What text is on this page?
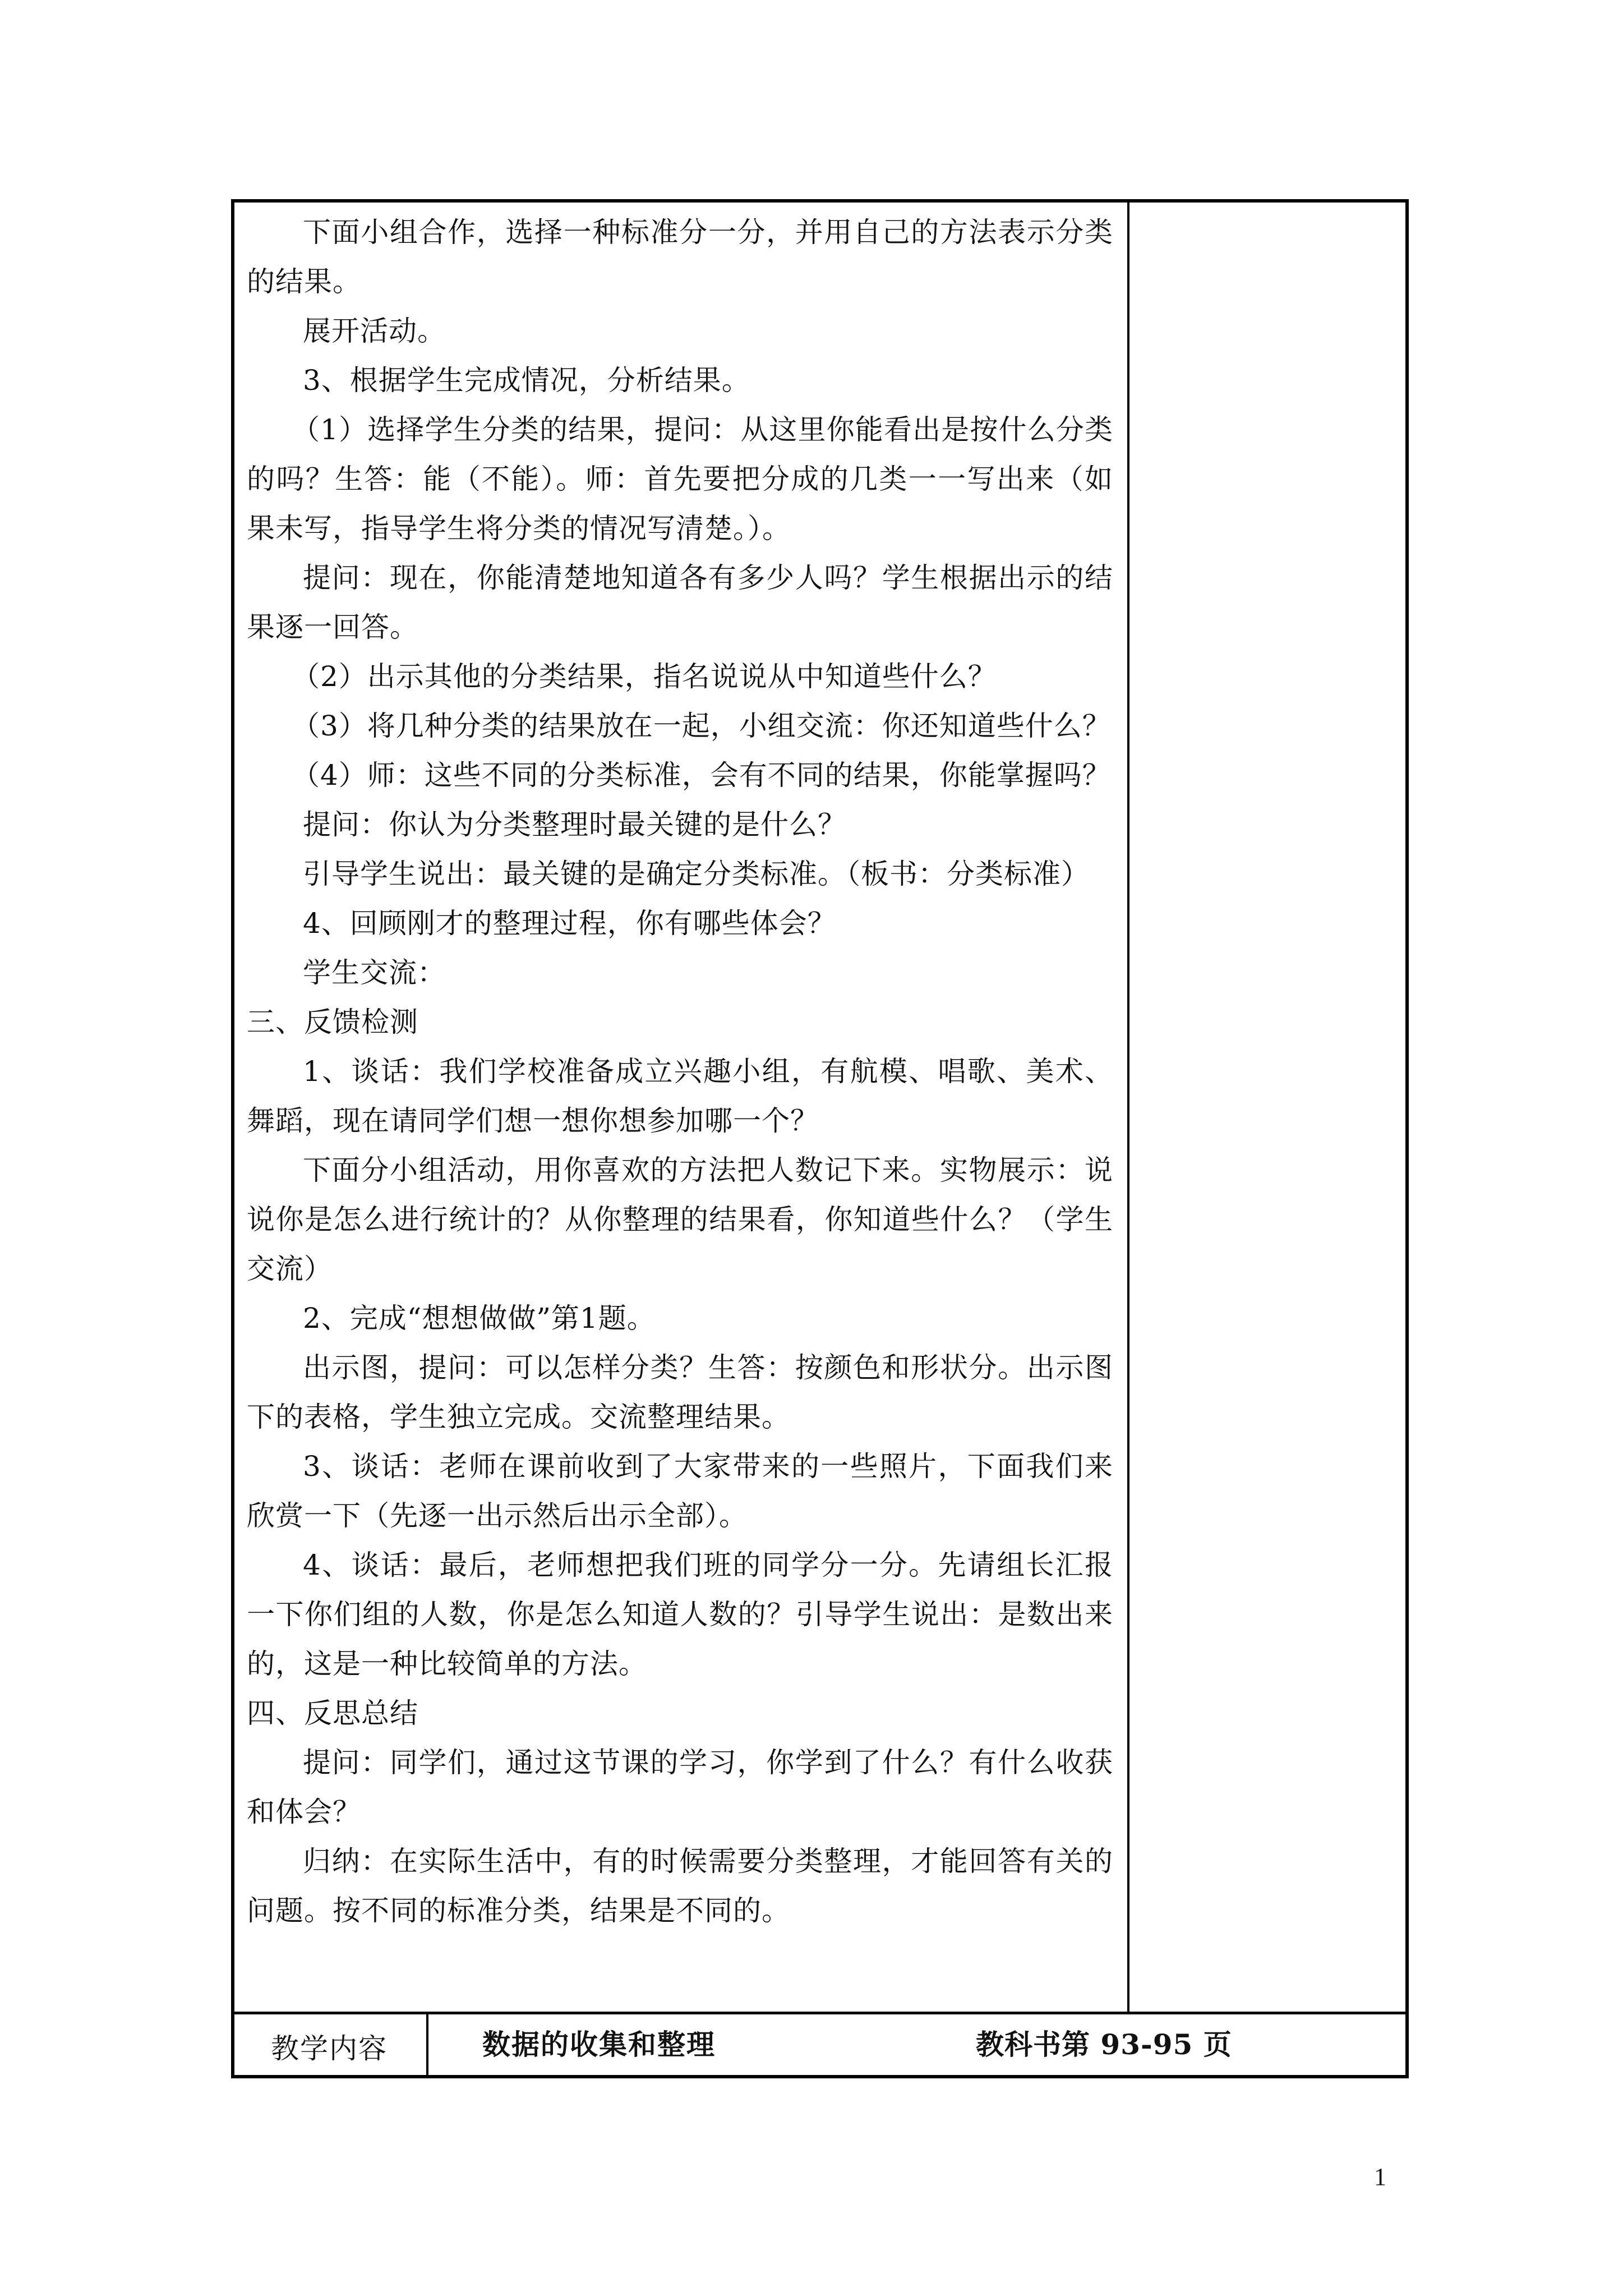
下面小组合作，选择一种标准分一分，并用自己的方法表示分类的结果。

展开活动。

3、根据学生完成情况，分析结果。

（1）选择学生分类的结果，提问：从这里你能看出是按什么分类的吗？生答：能（不能）。师：首先要把分成的几类一一写出来（如果未写，指导学生将分类的情况写清楚。）。

提问：现在，你能清楚地知道各有多少人吗？学生根据出示的结果逐一回答。

（2）出示其他的分类结果，指名说说从中知道些什么？

（3）将几种分类的结果放在一起，小组交流：你还知道些什么？

（4）师：这些不同的分类标准，会有不同的结果，你能掌握吗？

提问：你认为分类整理时最关键的是什么？

引导学生说出：最关键的是确定分类标准。（板书：分类标准）

4、回顾刚才的整理过程，你有哪些体会？

学生交流：

三、反馈检测

1、谈话：我们学校准备成立兴趣小组，有航模、唱歌、美术、舞蹈，现在请同学们想一想你想参加哪一个？

下面分小组活动，用你喜欢的方法把人数记下来。实物展示：说说你是怎么进行统计的？从你整理的结果看，你知道些什么？（学生交流）

2、完成“想想做做”第1题。

出示图，提问：可以怎样分类？生答：按颜色和形状分。出示图下的表格，学生独立完成。交流整理结果。

3、谈话：老师在课前收到了大家带来的一些照片，下面我们来欣赏一下（先逐一出示然后出示全部）。

4、谈话：最后，老师想把我们班的同学分一分。先请组长汇报一下你们组的人数，你是怎么知道人数的？引导学生说出：是数出来的，这是一种比较简单的方法。

四、反思总结

提问：同学们，通过这节课的学习，你学到了什么？有什么收获和体会？

归纳：在实际生活中，有的时候需要分类整理，才能回答有关的问题。按不同的标准分类，结果是不同的。

教学内容	数据的收集和整理	教科书第 93-95 页
1
